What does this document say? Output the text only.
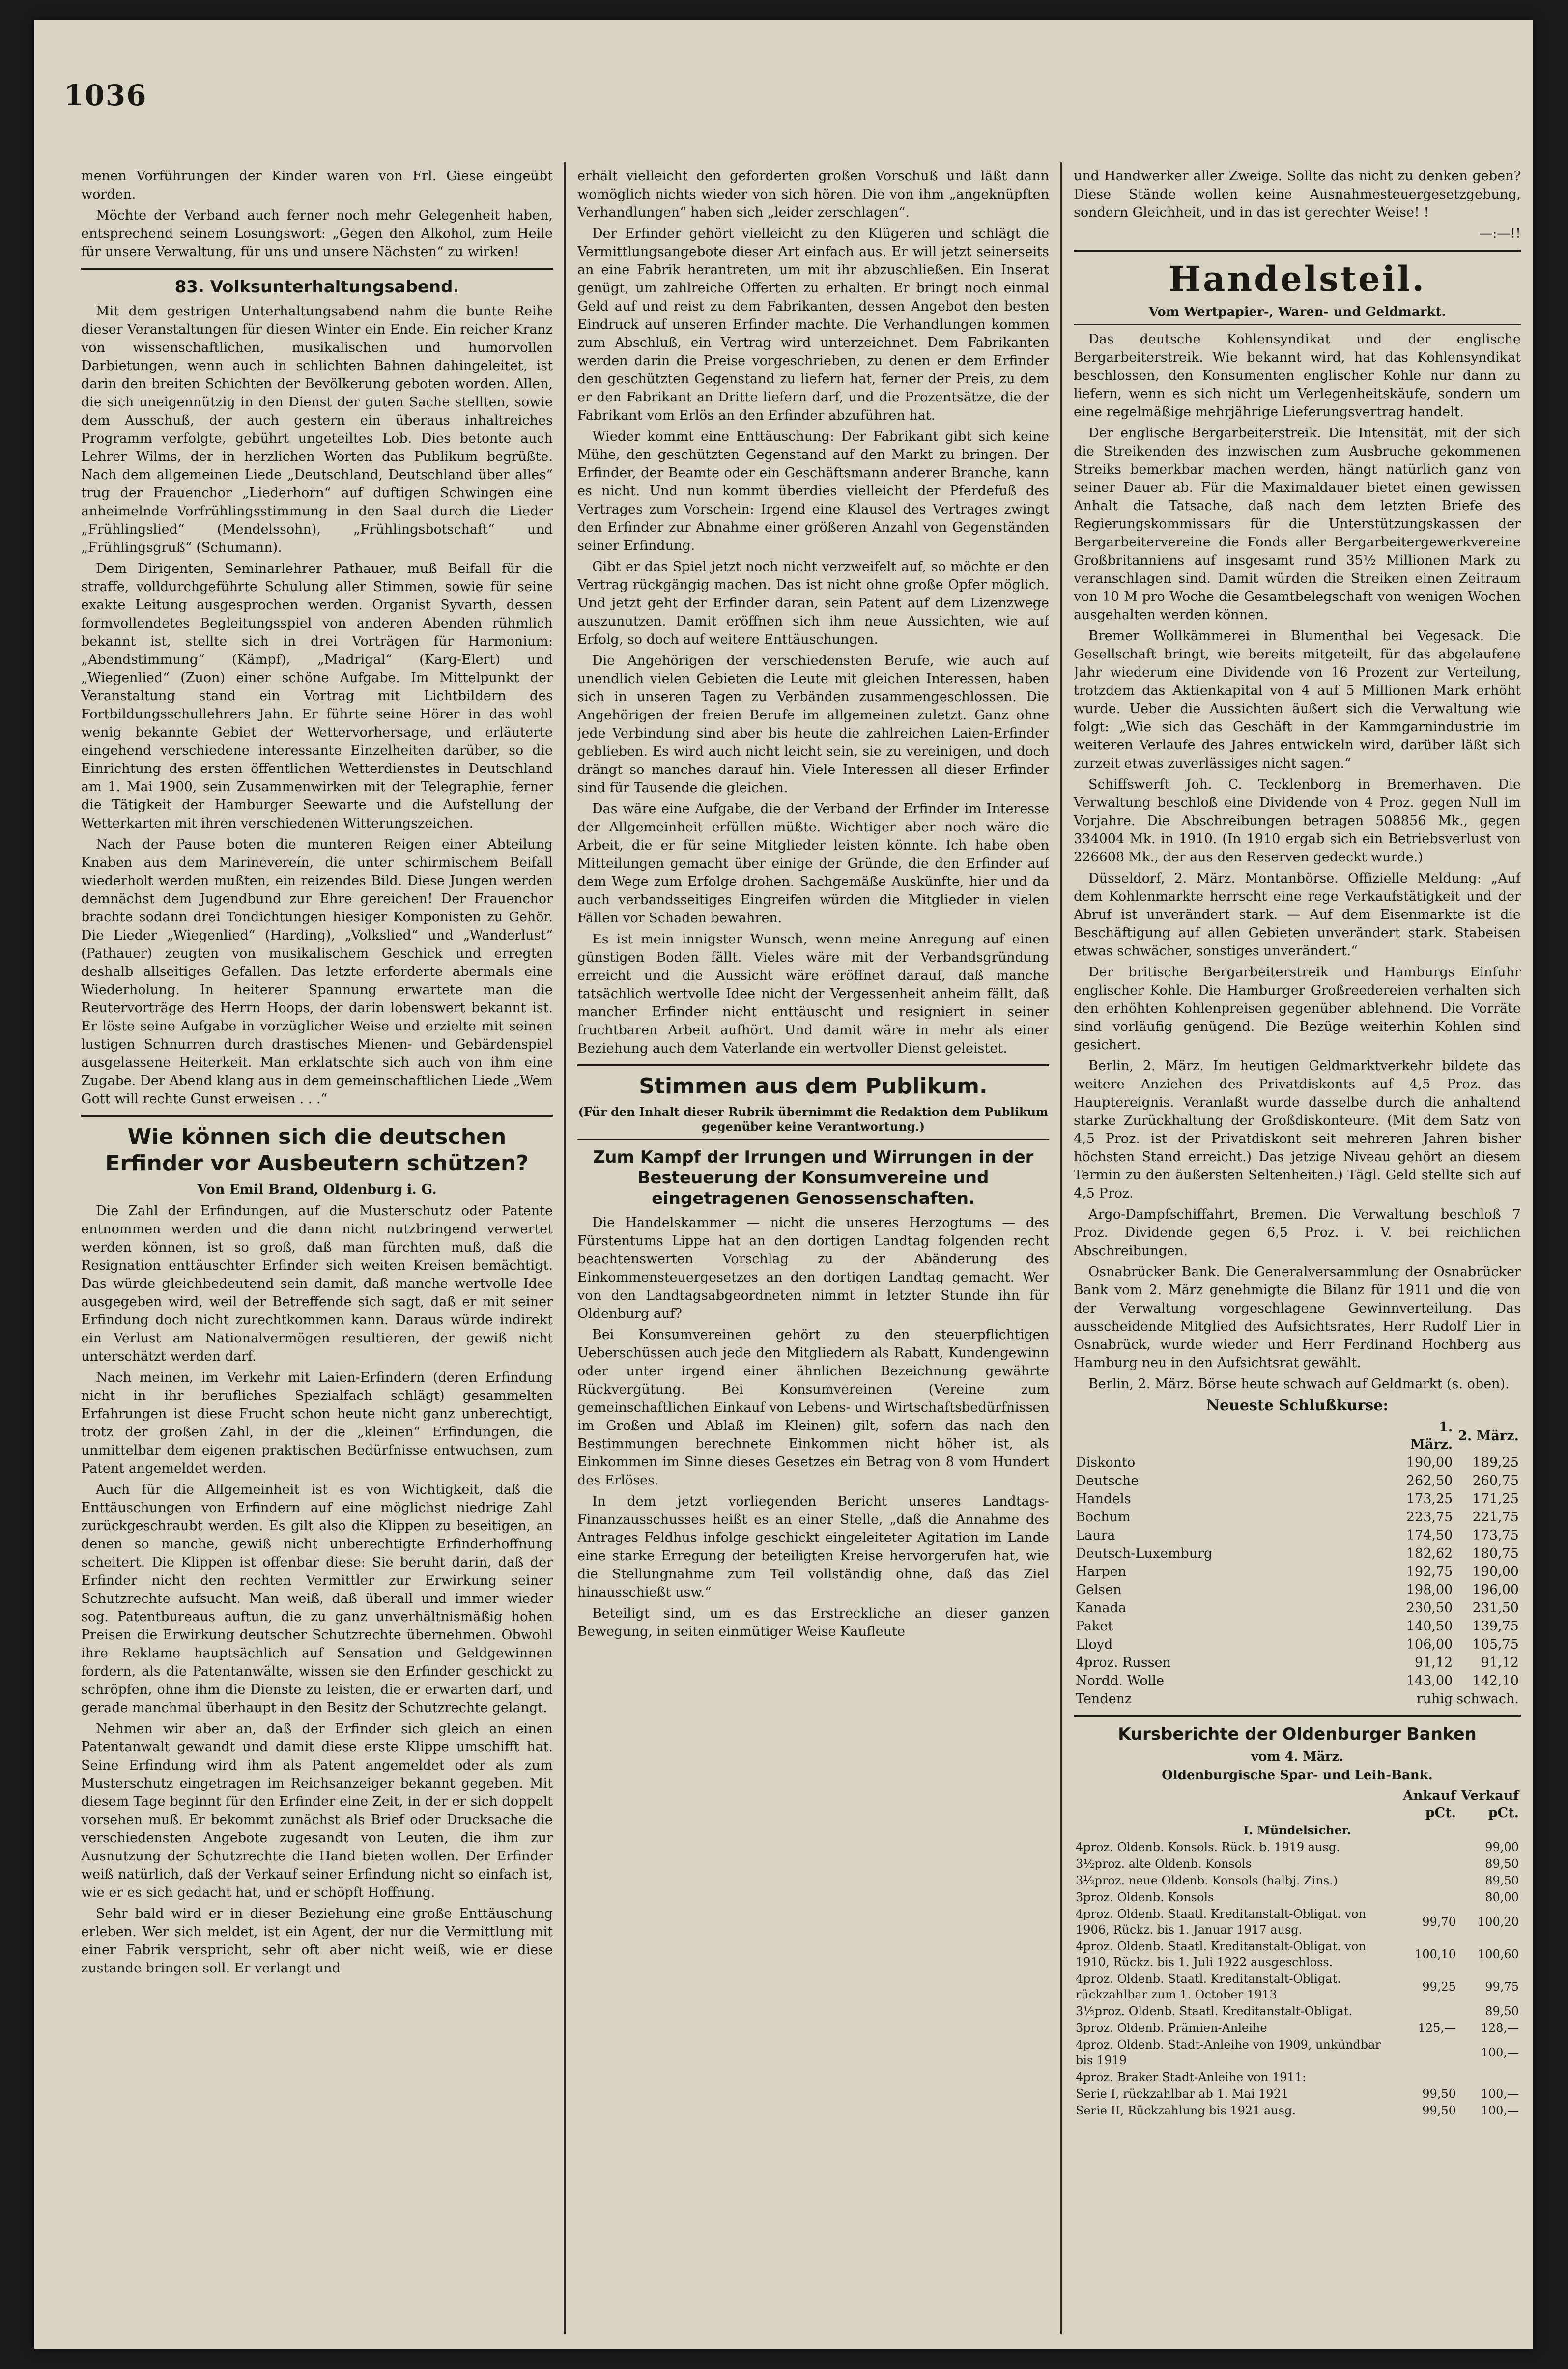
1036

menen Vorführungen der Kinder waren von Frl. Giese eingeübt worden.

Möchte der Verband auch ferner noch mehr Gelegenheit haben, entsprechend seinem Losungswort: „Gegen den Alkohol, zum Heile für unsere Verwaltung, für uns und unsere Nächsten“ zu wirken!

83. Volksunterhaltungsabend.

Mit dem gestrigen Unterhaltungsabend nahm die bunte Reihe dieser Veranstaltungen für diesen Winter ein Ende. Ein reicher Kranz von wissenschaftlichen, musikalischen und humorvollen Darbietungen, wenn auch in schlichten Bahnen dahingeleitet, ist darin den breiten Schichten der Bevölkerung geboten worden. Allen, die sich uneigennützig in den Dienst der guten Sache stellten, sowie dem Ausschuß, der auch gestern ein überaus inhaltreiches Programm verfolgte, gebührt ungeteiltes Lob. Dies betonte auch Lehrer Wilms, der in herzlichen Worten das Publikum begrüßte. Nach dem allgemeinen Liede „Deutschland, Deutschland über alles“ trug der Frauenchor „Liederhorn“ auf duftigen Schwingen eine anheimelnde Vorfrühlingsstimmung in den Saal durch die Lieder „Frühlingslied“ (Mendelssohn), „Frühlingsbotschaft“ und „Frühlingsgruß“ (Schumann).

Dem Dirigenten, Seminarlehrer Pathauer, muß Beifall für die straffe, volldurchgeführte Schulung aller Stimmen, sowie für seine exakte Leitung ausgesprochen werden. Organist Syvarth, dessen formvollendetes Begleitungsspiel von anderen Abenden rühmlich bekannt ist, stellte sich in drei Vorträgen für Harmonium: „Abendstimmung“ (Kämpf), „Madrigal“ (Karg-Elert) und „Wiegenlied“ (Zuon) einer schöne Aufgabe. Im Mittelpunkt der Veranstaltung stand ein Vortrag mit Lichtbildern des Fortbildungsschullehrers Jahn. Er führte seine Hörer in das wohl wenig bekannte Gebiet der Wettervorhersage, und erläuterte eingehend verschiedene interessante Einzelheiten darüber, so die Einrichtung des ersten öffentlichen Wetterdienstes in Deutschland am 1. Mai 1900, sein Zusammenwirken mit der Telegraphie, ferner die Tätigkeit der Hamburger Seewarte und die Aufstellung der Wetterkarten mit ihren verschiedenen Witterungszeichen.

Nach der Pause boten die munteren Reigen einer Abteilung Knaben aus dem Marinevereín, die unter schirmischem Beifall wiederholt werden mußten, ein reizendes Bild. Diese Jungen werden demnächst dem Jugendbund zur Ehre gereichen! Der Frauenchor brachte sodann drei Tondichtungen hiesiger Komponisten zu Gehör. Die Lieder „Wiegenlied“ (Harding), „Volkslied“ und „Wanderlust“ (Pathauer) zeugten von musikalischem Geschick und erregten deshalb allseitiges Gefallen. Das letzte erforderte abermals eine Wiederholung. In heiterer Spannung erwartete man die Reutervorträge des Herrn Hoops, der darin lobenswert bekannt ist. Er löste seine Aufgabe in vorzüglicher Weise und erzielte mit seinen lustigen Schnurren durch drastisches Mienen- und Gebärdenspiel ausgelassene Heiterkeit. Man erklatschte sich auch von ihm eine Zugabe. Der Abend klang aus in dem gemeinschaftlichen Liede „Wem Gott will rechte Gunst erweisen . . .“

Wie können sich die deutschen Erfinder vor Ausbeutern schützen?
Von Emil Brand, Oldenburg i. G.

Die Zahl der Erfindungen, auf die Musterschutz oder Patente entnommen werden und die dann nicht nutzbringend verwertet werden können, ist so groß, daß man fürchten muß, daß die Resignation enttäuschter Erfinder sich weiten Kreisen bemächtigt. Das würde gleichbedeutend sein damit, daß manche wertvolle Idee ausgegeben wird, weil der Betreffende sich sagt, daß er mit seiner Erfindung doch nicht zurechtkommen kann. Daraus würde indirekt ein Verlust am Nationalvermögen resultieren, der gewiß nicht unterschätzt werden darf.

Nach meinen, im Verkehr mit Laien-Erfindern (deren Erfindung nicht in ihr berufliches Spezialfach schlägt) gesammelten Erfahrungen ist diese Frucht schon heute nicht ganz unberechtigt, trotz der großen Zahl, in der die „kleinen“ Erfindungen, die unmittelbar dem eigenen praktischen Bedürfnisse entwuchsen, zum Patent angemeldet werden.

Auch für die Allgemeinheit ist es von Wichtigkeit, daß die Enttäuschungen von Erfindern auf eine möglichst niedrige Zahl zurückgeschraubt werden. Es gilt also die Klippen zu beseitigen, an denen so manche, gewiß nicht unberechtigte Erfinderhoffnung scheitert. Die Klippen ist offenbar diese: Sie beruht darin, daß der Erfinder nicht den rechten Vermittler zur Erwirkung seiner Schutzrechte aufsucht. Man weiß, daß überall und immer wieder sog. Patentbureaus auftun, die zu ganz unverhältnismäßig hohen Preisen die Erwirkung deutscher Schutzrechte übernehmen. Obwohl ihre Reklame hauptsächlich auf Sensation und Geldgewinnen fordern, als die Patentanwälte, wissen sie den Erfinder geschickt zu schröpfen, ohne ihm die Dienste zu leisten, die er erwarten darf, und gerade manchmal überhaupt in den Besitz der Schutzrechte gelangt.

Nehmen wir aber an, daß der Erfinder sich gleich an einen Patentanwalt gewandt und damit diese erste Klippe umschifft hat. Seine Erfindung wird ihm als Patent angemeldet oder als zum Musterschutz eingetragen im Reichsanzeiger bekannt gegeben. Mit diesem Tage beginnt für den Erfinder eine Zeit, in der er sich doppelt vorsehen muß. Er bekommt zunächst als Brief oder Drucksache die verschiedensten Angebote zugesandt von Leuten, die ihm zur Ausnutzung der Schutzrechte die Hand bieten wollen. Der Erfinder weiß natürlich, daß der Verkauf seiner Erfindung nicht so einfach ist, wie er es sich gedacht hat, und er schöpft Hoffnung.

Sehr bald wird er in dieser Beziehung eine große Enttäuschung erleben. Wer sich meldet, ist ein Agent, der nur die Vermittlung mit einer Fabrik verspricht, sehr oft aber nicht weiß, wie er diese zustande bringen soll. Er verlangt und

erhält vielleicht den geforderten großen Vorschuß und läßt dann womöglich nichts wieder von sich hören. Die von ihm „angeknüpften Verhandlungen“ haben sich „leider zerschlagen“.

Der Erfinder gehört vielleicht zu den Klügeren und schlägt die Vermittlungsangebote dieser Art einfach aus. Er will jetzt seinerseits an eine Fabrik herantreten, um mit ihr abzuschließen. Ein Inserat genügt, um zahlreiche Offerten zu erhalten. Er bringt noch einmal Geld auf und reist zu dem Fabrikanten, dessen Angebot den besten Eindruck auf unseren Erfinder machte. Die Verhandlungen kommen zum Abschluß, ein Vertrag wird unterzeichnet. Dem Fabrikanten werden darin die Preise vorgeschrieben, zu denen er dem Erfinder den geschützten Gegenstand zu liefern hat, ferner der Preis, zu dem er den Fabrikant an Dritte liefern darf, und die Prozentsätze, die der Fabrikant vom Erlös an den Erfinder abzuführen hat.

Wieder kommt eine Enttäuschung: Der Fabrikant gibt sich keine Mühe, den geschützten Gegenstand auf den Markt zu bringen. Der Erfinder, der Beamte oder ein Geschäftsmann anderer Branche, kann es nicht. Und nun kommt überdies vielleicht der Pferdefuß des Vertrages zum Vorschein: Irgend eine Klausel des Vertrages zwingt den Erfinder zur Abnahme einer größeren Anzahl von Gegenständen seiner Erfindung.

Gibt er das Spiel jetzt noch nicht verzweifelt auf, so möchte er den Vertrag rückgängig machen. Das ist nicht ohne große Opfer möglich. Und jetzt geht der Erfinder daran, sein Patent auf dem Lizenzwege auszunutzen. Damit eröffnen sich ihm neue Aussichten, wie auf Erfolg, so doch auf weitere Enttäuschungen.

Die Angehörigen der verschiedensten Berufe, wie auch auf unendlich vielen Gebieten die Leute mit gleichen Interessen, haben sich in unseren Tagen zu Verbänden zusammengeschlossen. Die Angehörigen der freien Berufe im allgemeinen zuletzt. Ganz ohne jede Verbindung sind aber bis heute die zahlreichen Laien-Erfinder geblieben. Es wird auch nicht leicht sein, sie zu vereinigen, und doch drängt so manches darauf hin. Viele Interessen all dieser Erfinder sind für Tausende die gleichen.

Das wäre eine Aufgabe, die der Verband der Erfinder im Interesse der Allgemeinheit erfüllen müßte. Wichtiger aber noch wäre die Arbeit, die er für seine Mitglieder leisten könnte. Ich habe oben Mitteilungen gemacht über einige der Gründe, die den Erfinder auf dem Wege zum Erfolge drohen. Sachgemäße Auskünfte, hier und da auch verbandsseitiges Eingreifen würden die Mitglieder in vielen Fällen vor Schaden bewahren.

Es ist mein innigster Wunsch, wenn meine Anregung auf einen günstigen Boden fällt. Vieles wäre mit der Verbandsgründung erreicht und die Aussicht wäre eröffnet darauf, daß manche tatsächlich wertvolle Idee nicht der Vergessenheit anheim fällt, daß mancher Erfinder nicht enttäuscht und resigniert in seiner fruchtbaren Arbeit aufhört. Und damit wäre in mehr als einer Beziehung auch dem Vaterlande ein wertvoller Dienst geleistet.

Stimmen aus dem Publikum.
(Für den Inhalt dieser Rubrik übernimmt die Redaktion dem Publikum gegenüber keine Verantwortung.)
Zum Kampf der Irrungen und Wirrungen in der Besteuerung der Konsumvereine und eingetragenen Genossenschaften.

Die Handelskammer — nicht die unseres Herzogtums — des Fürstentums Lippe hat an den dortigen Landtag folgenden recht beachtenswerten Vorschlag zu der Abänderung des Einkommensteuergesetzes an den dortigen Landtag gemacht. Wer von den Landtagsabgeordneten nimmt in letzter Stunde ihn für Oldenburg auf?

Bei Konsumvereinen gehört zu den steuerpflichtigen Ueberschüssen auch jede den Mitgliedern als Rabatt, Kundengewinn oder unter irgend einer ähnlichen Bezeichnung gewährte Rückvergütung. Bei Konsumvereinen (Vereine zum gemeinschaftlichen Einkauf von Lebens- und Wirtschaftsbedürfnissen im Großen und Ablaß im Kleinen) gilt, sofern das nach den Bestimmungen berechnete Einkommen nicht höher ist, als Einkommen im Sinne dieses Gesetzes ein Betrag von 8 vom Hundert des Erlöses.

In dem jetzt vorliegenden Bericht unseres Landtags-Finanzausschusses heißt es an einer Stelle, „daß die Annahme des Antrages Feldhus infolge geschickt eingeleiteter Agitation im Lande eine starke Erregung der beteiligten Kreise hervorgerufen hat, wie die Stellungnahme zum Teil vollständig ohne, daß das Ziel hinausschießt usw.“

Beteiligt sind, um es das Erstreckliche an dieser ganzen Bewegung, in seiten einmütiger Weise Kaufleute

und Handwerker aller Zweige. Sollte das nicht zu denken geben? Diese Stände wollen keine Ausnahmesteuergesetzgebung, sondern Gleichheit, und in das ist gerechter Weise! !

—:—!!

Handelsteil.
Vom Wertpapier-, Waren- und Geldmarkt.

Das deutsche Kohlensyndikat und der englische Bergarbeiterstreik. Wie bekannt wird, hat das Kohlensyndikat beschlossen, den Konsumenten englischer Kohle nur dann zu liefern, wenn es sich nicht um Verlegenheitskäufe, sondern um eine regelmäßige mehrjährige Lieferungsvertrag handelt.

Der englische Bergarbeiterstreik. Die Intensität, mit der sich die Streikenden des inzwischen zum Ausbruche gekommenen Streiks bemerkbar machen werden, hängt natürlich ganz von seiner Dauer ab. Für die Maximaldauer bietet einen gewissen Anhalt die Tatsache, daß nach dem letzten Briefe des Regierungskommissars für die Unterstützungskassen der Bergarbeitervereine die Fonds aller Bergarbeitergewerkvereine Großbritanniens auf insgesamt rund 35½ Millionen Mark zu veranschlagen sind. Damit würden die Streiken einen Zeitraum von 10 M pro Woche die Gesamtbelegschaft von wenigen Wochen ausgehalten werden können.

Bremer Wollkämmerei in Blumenthal bei Vegesack. Die Gesellschaft bringt, wie bereits mitgeteilt, für das abgelaufene Jahr wiederum eine Dividende von 16 Prozent zur Verteilung, trotzdem das Aktienkapital von 4 auf 5 Millionen Mark erhöht wurde. Ueber die Aussichten äußert sich die Verwaltung wie folgt: „Wie sich das Geschäft in der Kammgarnindustrie im weiteren Verlaufe des Jahres entwickeln wird, darüber läßt sich zurzeit etwas zuverlässiges nicht sagen.“

Schiffswerft Joh. C. Tecklenborg in Bremerhaven. Die Verwaltung beschloß eine Dividende von 4 Proz. gegen Null im Vorjahre. Die Abschreibungen betragen 508856 Mk., gegen 334004 Mk. in 1910. (In 1910 ergab sich ein Betriebsverlust von 226608 Mk., der aus den Reserven gedeckt wurde.)

Düsseldorf, 2. März. Montanbörse. Offizielle Meldung: „Auf dem Kohlenmarkte herrscht eine rege Verkaufstätigkeit und der Abruf ist unverändert stark. — Auf dem Eisenmarkte ist die Beschäftigung auf allen Gebieten unverändert stark. Stabeisen etwas schwächer, sonstiges unverändert.“

Der britische Bergarbeiterstreik und Hamburgs Einfuhr englischer Kohle. Die Hamburger Großreedereien verhalten sich den erhöhten Kohlenpreisen gegenüber ablehnend. Die Vorräte sind vorläufig genügend. Die Bezüge weiterhin Kohlen sind gesichert.

Berlin, 2. März. Im heutigen Geldmarktverkehr bildete das weitere Anziehen des Privatdiskonts auf 4,5 Proz. das Hauptereignis. Veranlaßt wurde dasselbe durch die anhaltend starke Zurückhaltung der Großdiskonteure. (Mit dem Satz von 4,5 Proz. ist der Privatdiskont seit mehreren Jahren bisher höchsten Stand erreicht.) Das jetzige Niveau gehört an diesem Termin zu den äußersten Seltenheiten.) Tägl. Geld stellte sich auf 4,5 Proz.

Argo-Dampfschiffahrt, Bremen. Die Verwaltung beschloß 7 Proz. Dividende gegen 6,5 Proz. i. V. bei reichlichen Abschreibungen.

Osnabrücker Bank. Die Generalversammlung der Osnabrücker Bank vom 2. März genehmigte die Bilanz für 1911 und die von der Verwaltung vorgeschlagene Gewinnverteilung. Das ausscheidende Mitglied des Aufsichtsrates, Herr Rudolf Lier in Osnabrück, wurde wieder und Herr Ferdinand Hochberg aus Hamburg neu in den Aufsichtsrat gewählt.

Berlin, 2. März. Börse heute schwach auf Geldmarkt (s. oben).

Neueste Schlußkurse:
	1. März.	2. März.
Diskonto	190,00	189,25
Deutsche	262,50	260,75
Handels	173,25	171,25
Bochum	223,75	221,75
Laura	174,50	173,75
Deutsch-Luxemburg	182,62	180,75
Harpen	192,75	190,00
Gelsen	198,00	196,00
Kanada	230,50	231,50
Paket	140,50	139,75
Lloyd	106,00	105,75
4proz. Russen	91,12	91,12
Nordd. Wolle	143,00	142,10
Tendenz	ruhig	schwach.
Kursberichte der Oldenburger Banken
vom 4. März.
Oldenburgische Spar- und Leih-Bank.
	Ankauf pCt.	Verkauf pCt.
I. Mündelsicher.		
4proz. Oldenb. Konsols. Rück. b. 1919 ausg.		99,00
3½proz. alte Oldenb. Konsols		89,50
3½proz. neue Oldenb. Konsols (halbj. Zins.)		89,50
3proz. Oldenb. Konsols		80,00
4proz. Oldenb. Staatl. Kreditanstalt-Obligat. von 1906, Rückz. bis 1. Januar 1917 ausg.	99,70	100,20
4proz. Oldenb. Staatl. Kreditanstalt-Obligat. von 1910, Rückz. bis 1. Juli 1922 ausgeschloss.	100,10	100,60
4proz. Oldenb. Staatl. Kreditanstalt-Obligat. rückzahlbar zum 1. October 1913	99,25	99,75
3½proz. Oldenb. Staatl. Kreditanstalt-Obligat.		89,50
3proz. Oldenb. Prämien-Anleihe	125,—	128,—
4proz. Oldenb. Stadt-Anleihe von 1909, unkündbar bis 1919		100,—
4proz. Braker Stadt-Anleihe von 1911:		
Serie I, rückzahlbar ab 1. Mai 1921	99,50	100,—
Serie II, Rückzahlung bis 1921 ausg.	99,50	100,—
